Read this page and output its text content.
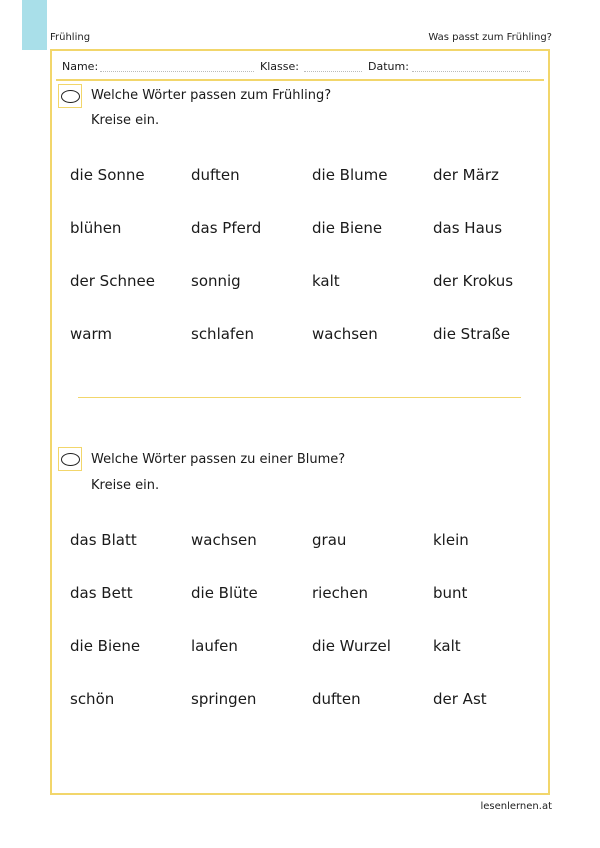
Frühling	Was passt zum Frühling?
Name:	Klasse:	Datum:
Welche Wörter passen zum Frühling?
Kreise ein.
die Sonne	duften	die Blume	der März
blühen	das Pferd	die Biene	das Haus
der Schnee	sonnig	kalt	der Krokus
warm	schlafen	wachsen	die Straße
Welche Wörter passen zu einer Blume?
Kreise ein.
das Blatt	wachsen	grau	klein
das Bett	die Blüte	riechen	bunt
die Biene	laufen	die Wurzel	kalt
schön	springen	duften	der Ast
lesenlernen.at
